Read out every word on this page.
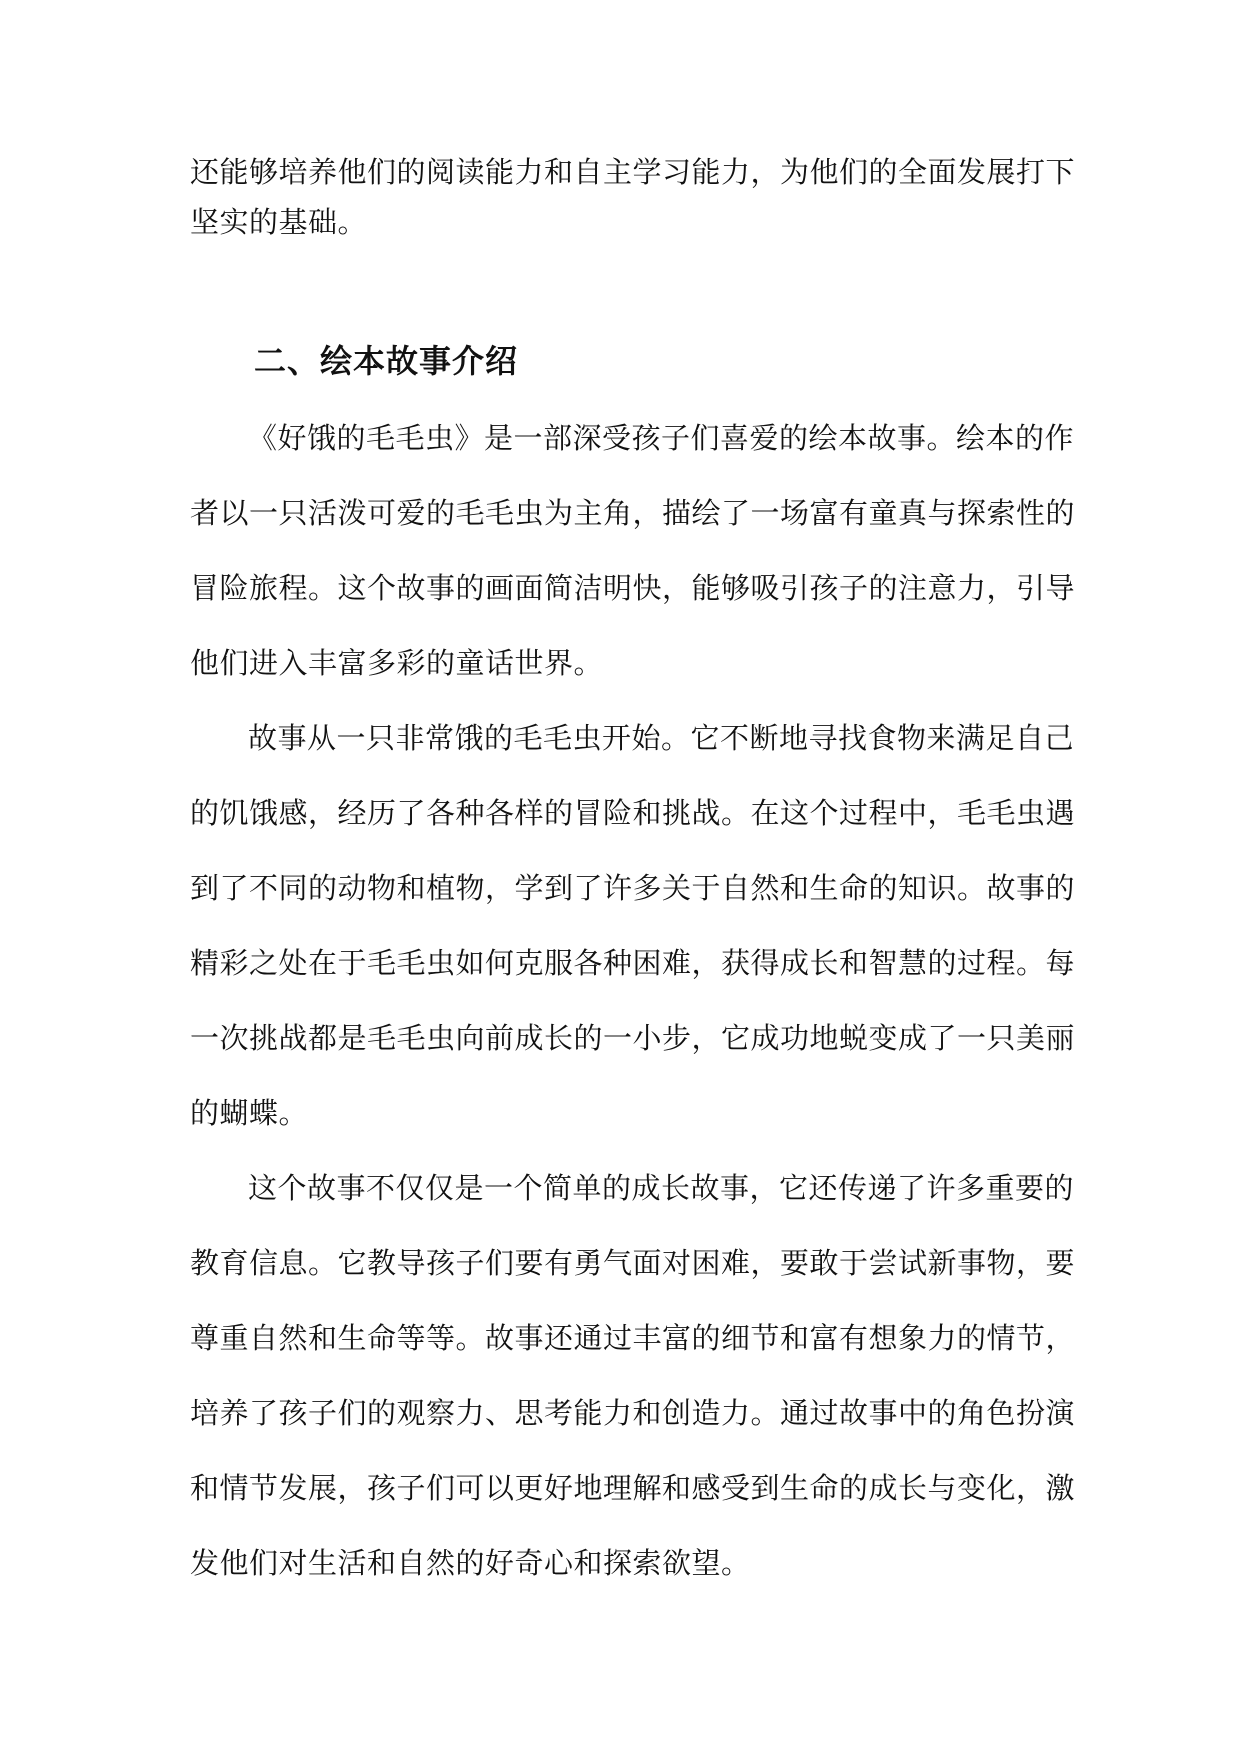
还能够培养他们的阅读能力和自主学习能力，为他们的全面发展打下
坚实的基础。
二、绘本故事介绍
《好饿的毛毛虫》是一部深受孩子们喜爱的绘本故事。绘本的作
者以一只活泼可爱的毛毛虫为主角，描绘了一场富有童真与探索性的
冒险旅程。这个故事的画面简洁明快，能够吸引孩子的注意力，引导
他们进入丰富多彩的童话世界。
故事从一只非常饿的毛毛虫开始。它不断地寻找食物来满足自己
的饥饿感，经历了各种各样的冒险和挑战。在这个过程中，毛毛虫遇
到了不同的动物和植物，学到了许多关于自然和生命的知识。故事的
精彩之处在于毛毛虫如何克服各种困难，获得成长和智慧的过程。每
一次挑战都是毛毛虫向前成长的一小步，它成功地蜕变成了一只美丽
的蝴蝶。
这个故事不仅仅是一个简单的成长故事，它还传递了许多重要的
教育信息。它教导孩子们要有勇气面对困难，要敢于尝试新事物，要
尊重自然和生命等等。故事还通过丰富的细节和富有想象力的情节，
培养了孩子们的观察力、思考能力和创造力。通过故事中的角色扮演
和情节发展，孩子们可以更好地理解和感受到生命的成长与变化，激
发他们对生活和自然的好奇心和探索欲望。
